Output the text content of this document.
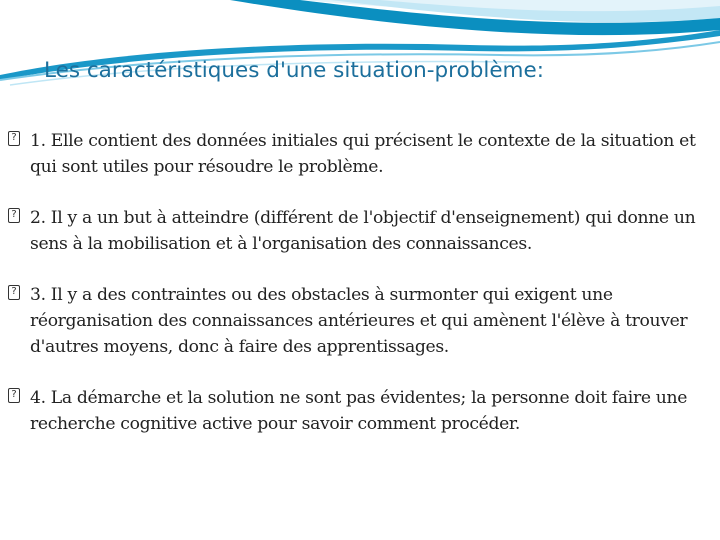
Les caractéristiques d'une situation-problème:
? 1. Elle contient des données initiales qui précisent le contexte de la situation et qui sont utiles pour résoudre le problème.
? 2. Il y a un but à atteindre (différent de l'objectif d'enseignement) qui donne un sens à la mobilisation et à l'organisation des connaissances.
? 3. Il y a des contraintes ou des obstacles à surmonter qui exigent une réorganisation des connaissances antérieures et qui amènent l'élève à trouver d'autres moyens, donc à faire des apprentissages.
? 4. La démarche et la solution ne sont pas évidentes; la personne doit faire une recherche cognitive active pour savoir comment procéder.
